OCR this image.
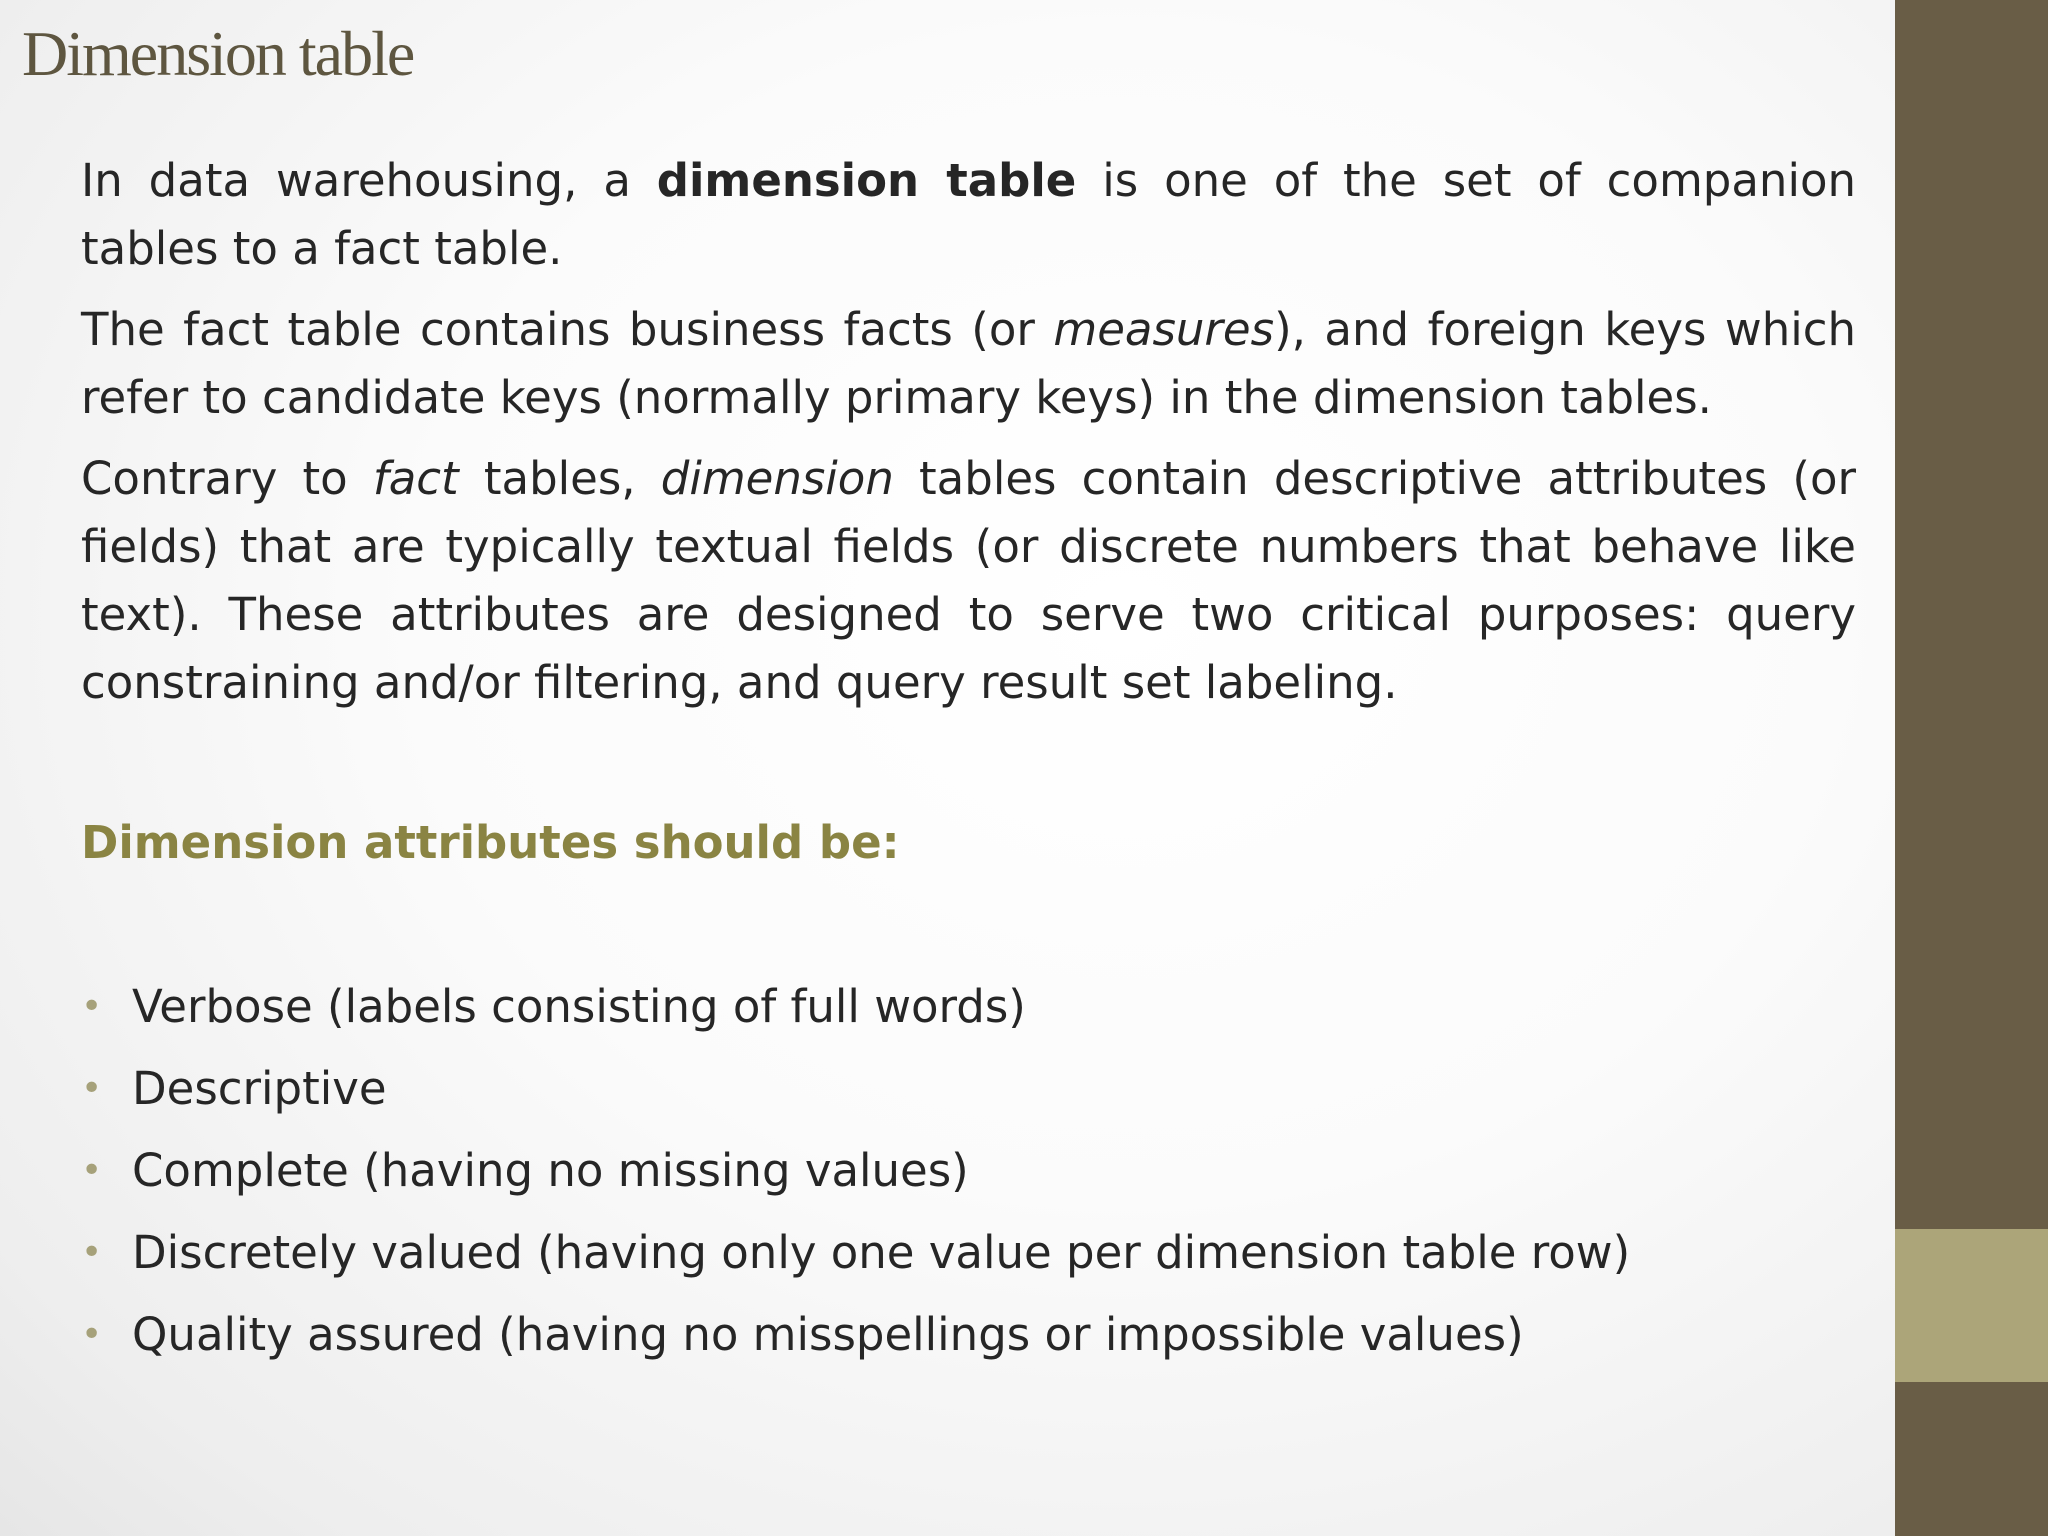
Dimension table

In data warehousing, a dimension table is one of the set of companion tables to a fact table.

The fact table contains business facts (or measures), and foreign keys which refer to candidate keys (normally primary keys) in the dimension tables.

Contrary to fact tables, dimension tables contain descriptive attributes (or fields) that are typically textual fields (or discrete numbers that behave like text). These attributes are designed to serve two critical purposes: query constraining and/or filtering, and query result set labeling.

Dimension attributes should be:

• Verbose (labels consisting of full words)
• Descriptive
• Complete (having no missing values)
• Discretely valued (having only one value per dimension table row)
• Quality assured (having no misspellings or impossible values)
